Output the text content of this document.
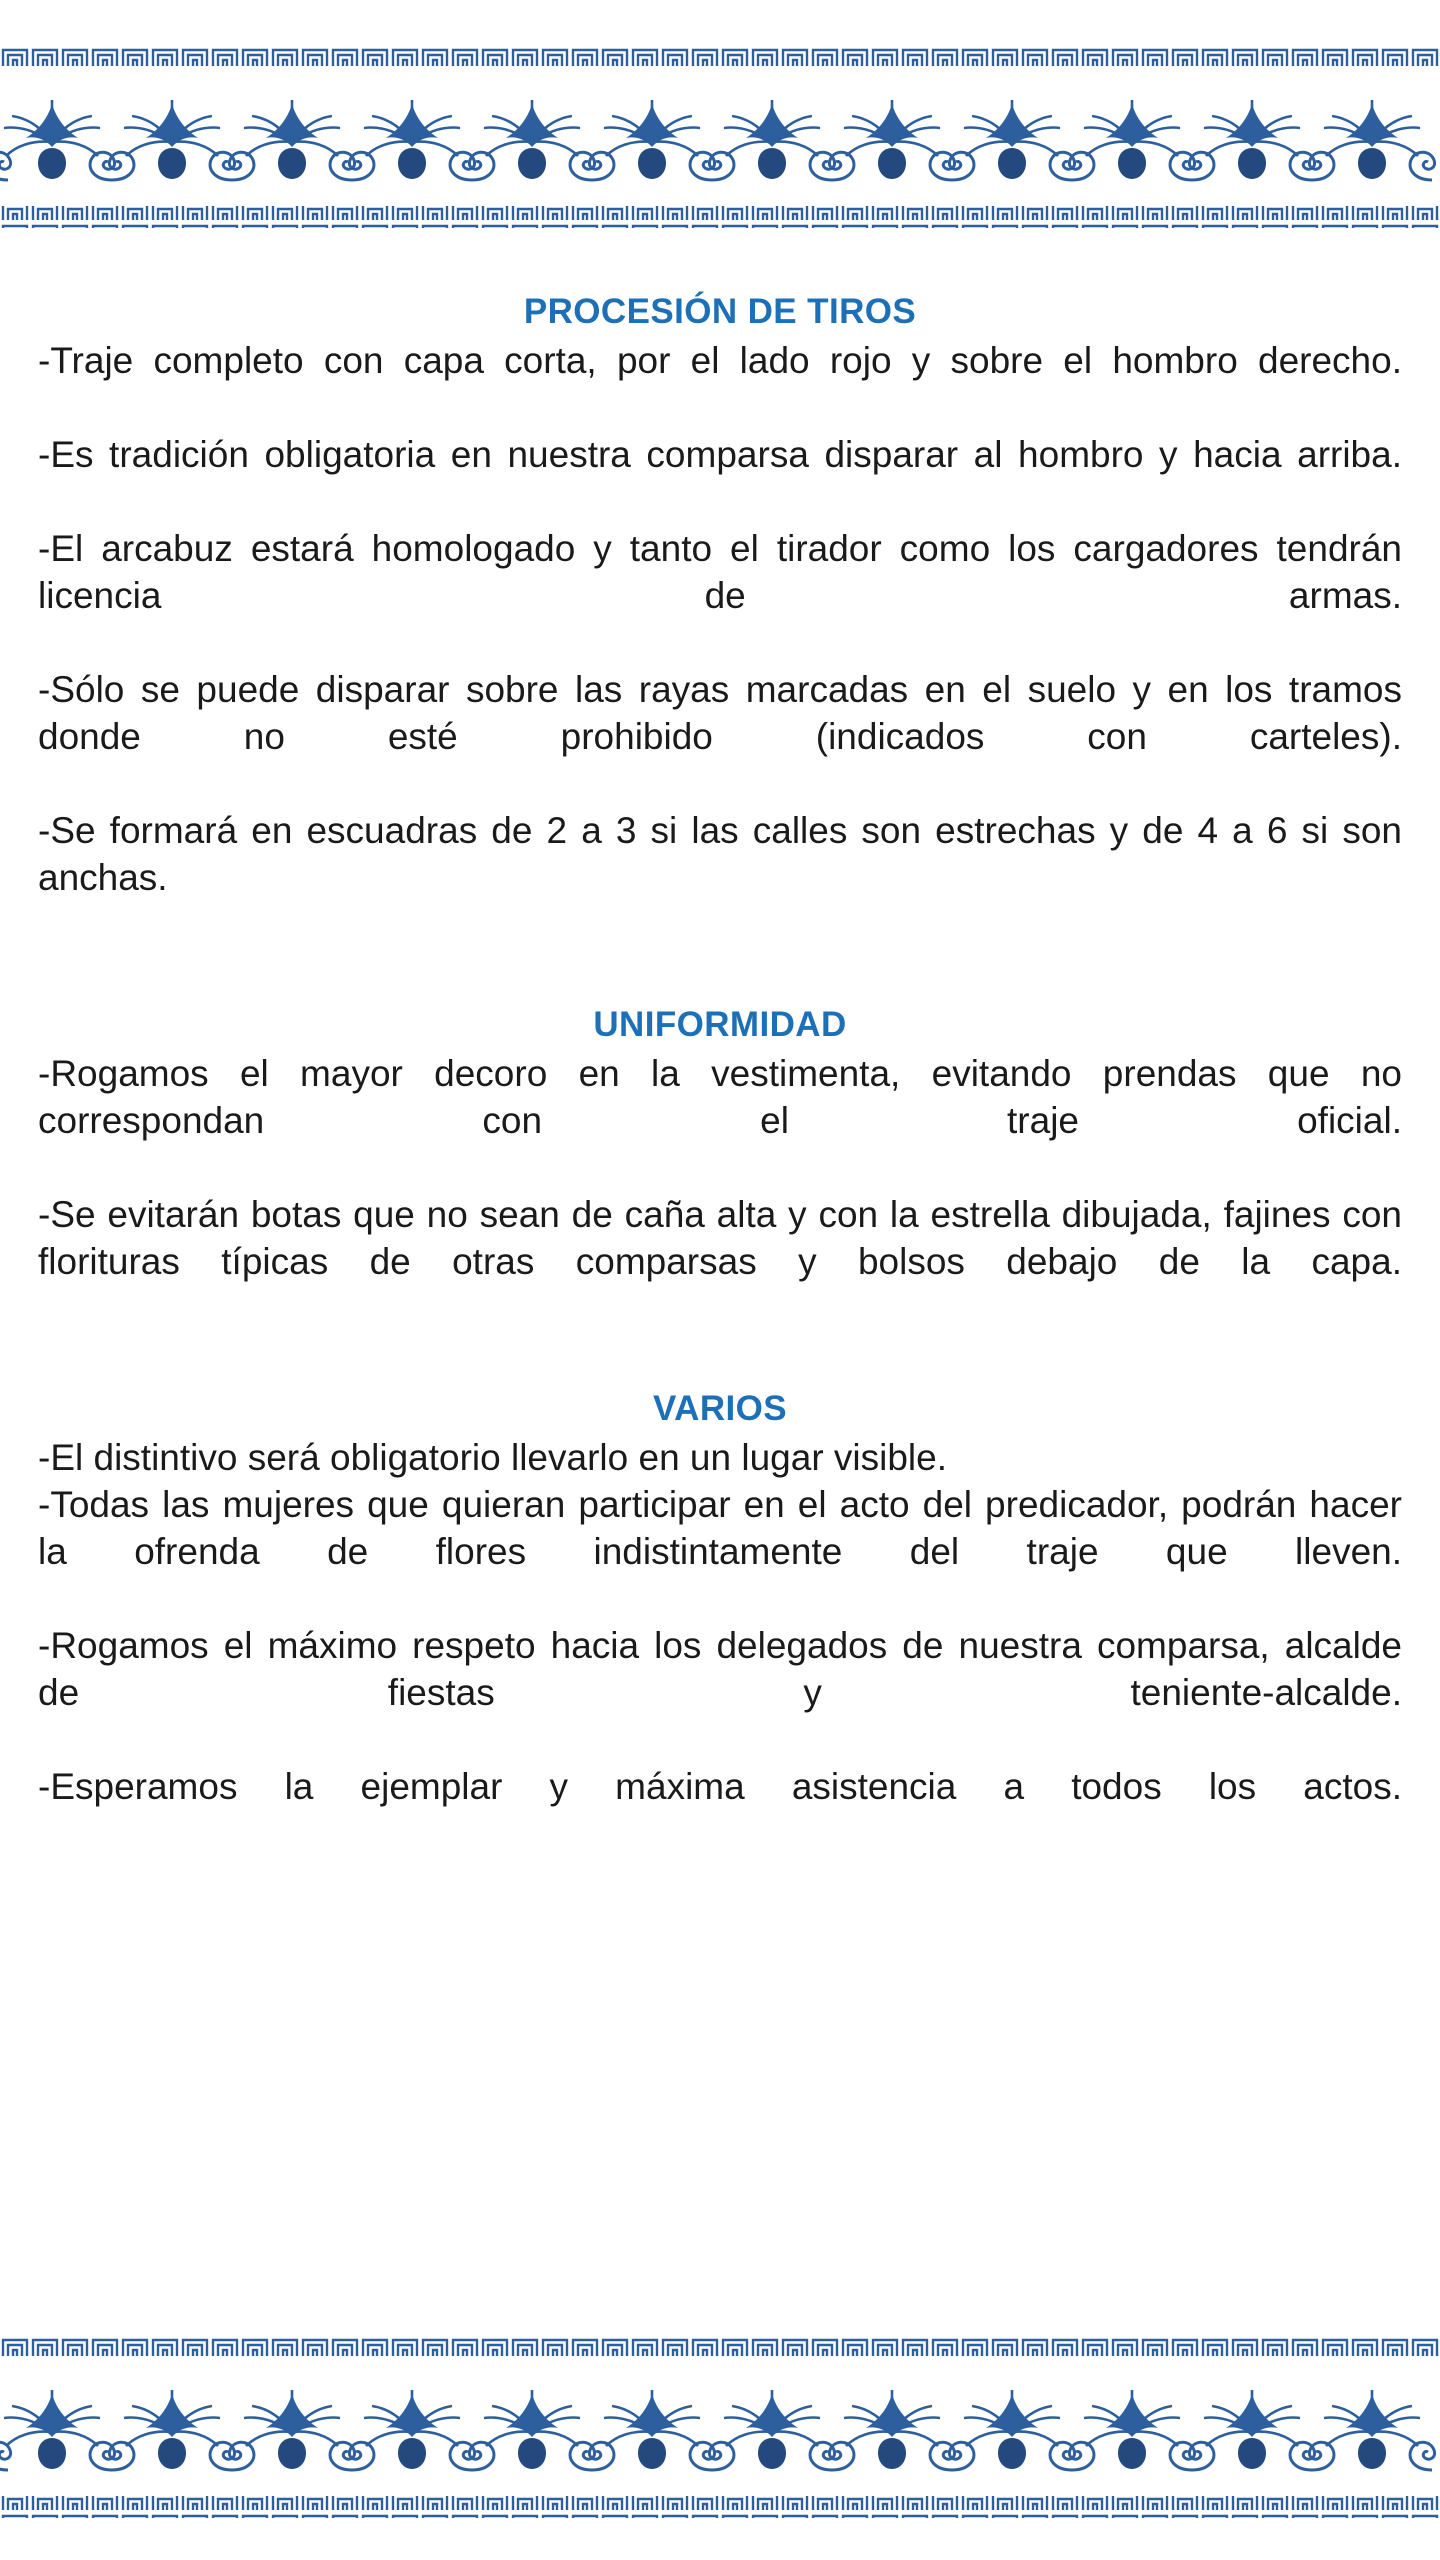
PROCESIÓN DE TIROS

-Traje completo con capa corta, por el lado rojo y sobre el hombro derecho.

-Es tradición obligatoria en nuestra comparsa disparar al hombro y hacia arriba.

-El arcabuz estará homologado y tanto el tirador como los cargadores tendrán licencia de armas.

-Sólo se puede disparar sobre las rayas marcadas en el suelo y en los tramos donde no esté prohibido (indicados con carteles).

-Se formará en escuadras de 2 a 3 si las calles son estrechas y de 4 a 6 si son anchas.

UNIFORMIDAD

-Rogamos el mayor decoro en la vestimenta, evitando prendas que no correspondan con el traje oficial.

-Se evitarán botas que no sean de caña alta y con la estrella dibujada, fajines con florituras típicas de otras comparsas y bolsos debajo de la capa.

VARIOS

-El distintivo será obligatorio llevarlo en un lugar visible.

-Todas las mujeres que quieran participar en el acto del predicador, podrán hacer la ofrenda de flores indistintamente del traje que lleven.

-Rogamos el máximo respeto hacia los delegados de nuestra comparsa, alcalde de fiestas y teniente-alcalde.

-Esperamos la ejemplar y máxima asistencia a todos los actos.
